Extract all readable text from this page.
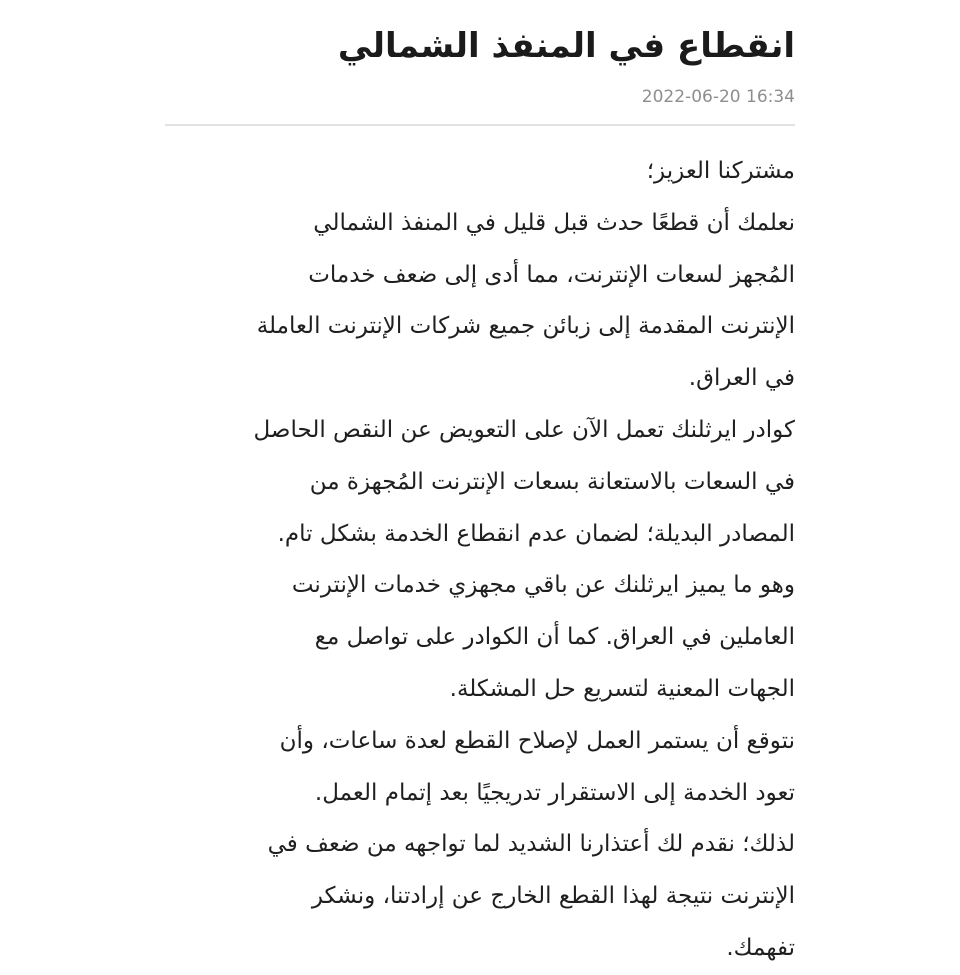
انقطاع في المنفذ الشمالي
2022-06-20 16:34
مشتركنا العزيز؛
نعلمك أن قطعًا حدث قبل قليل في المنفذ الشمالي
المُجهز لسعات الإنترنت، مما أدى إلى ضعف خدمات
الإنترنت المقدمة إلى زبائن جميع شركات الإنترنت العاملة
في العراق.
كوادر ايرثلنك تعمل الآن على التعويض عن النقص الحاصل
في السعات بالاستعانة بسعات الإنترنت المُجهزة من
المصادر البديلة؛ لضمان عدم انقطاع الخدمة بشكل تام.
وهو ما يميز ايرثلنك عن باقي مجهزي خدمات الإنترنت
العاملين في العراق. كما أن الكوادر على تواصل مع
الجهات المعنية لتسريع حل المشكلة.
نتوقع أن يستمر العمل لإصلاح القطع لعدة ساعات، وأن
تعود الخدمة إلى الاستقرار تدريجيًا بعد إتمام العمل.
لذلك؛ نقدم لك أعتذارنا الشديد لما تواجهه من ضعف في
الإنترنت نتيجة لهذا القطع الخارج عن إرادتنا، ونشكر
تفهمك.
